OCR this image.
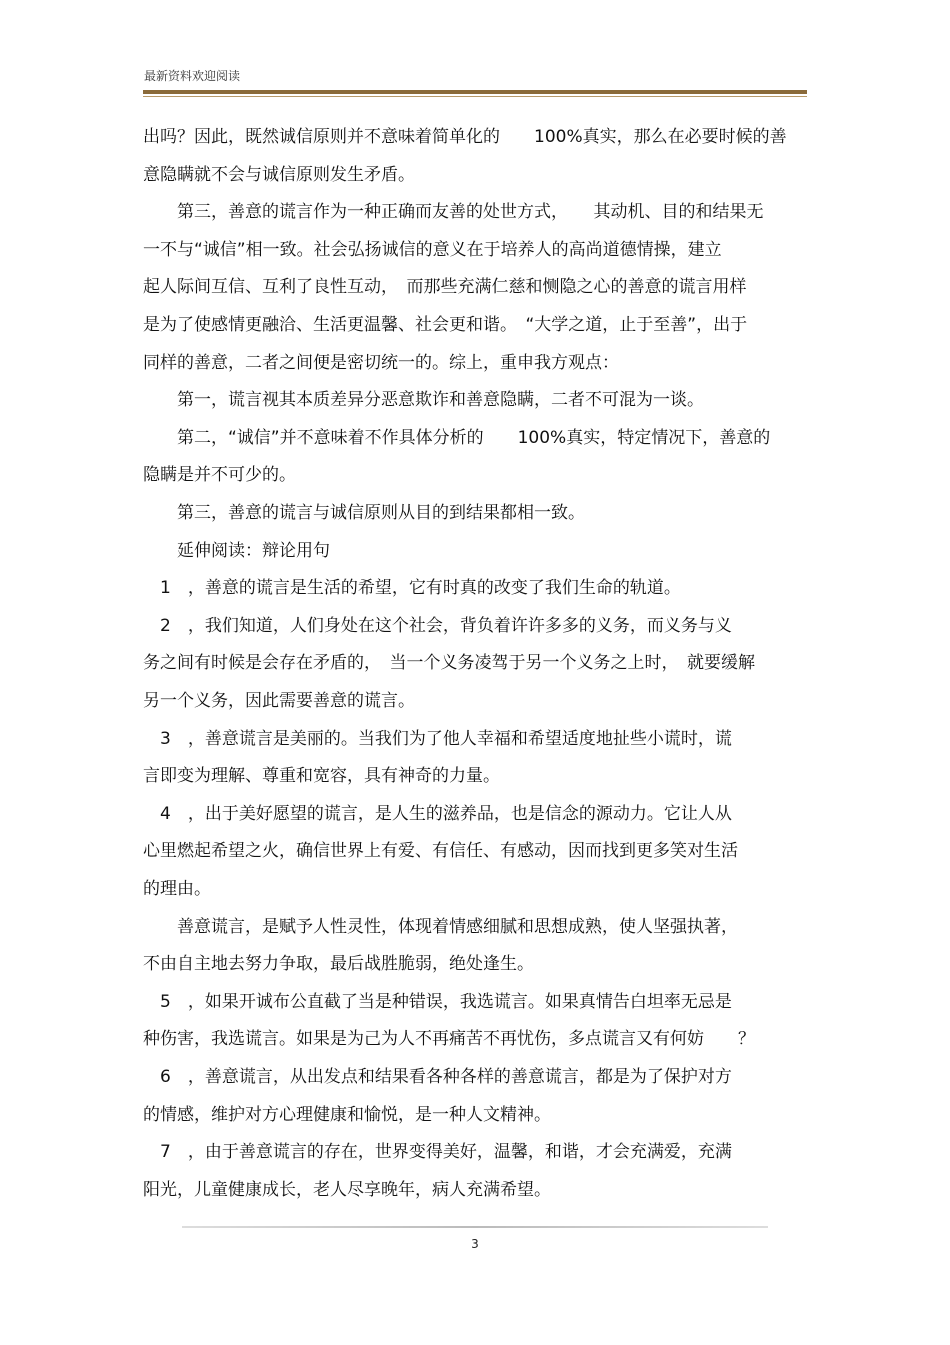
最新资料欢迎阅读
出吗？因此，既然诚信原则并不意味着简单化的　　100%真实，那么在必要时候的善
意隐瞒就不会与诚信原则发生矛盾。
　　第三，善意的谎言作为一种正确而友善的处世方式，　　其动机、目的和结果无
一不与“诚信”相一致。社会弘扬诚信的意义在于培养人的高尚道德情操，建立
起人际间互信、互利了良性互动，　而那些充满仁慈和恻隐之心的善意的谎言用样
是为了使感情更融洽、生活更温馨、社会更和谐。　“大学之道，止于至善”，出于
同样的善意，二者之间便是密切统一的。综上，重申我方观点：
　　第一，谎言视其本质差异分恶意欺诈和善意隐瞒，二者不可混为一谈。
　　第二，“诚信”并不意味着不作具体分析的　　100%真实，特定情况下，善意的
隐瞒是并不可少的。
　　第三，善意的谎言与诚信原则从目的到结果都相一致。
　　延伸阅读：辩论用句
　1　，善意的谎言是生活的希望，它有时真的改变了我们生命的轨道。
　2　，我们知道，人们身处在这个社会，背负着许许多多的义务，而义务与义
务之间有时候是会存在矛盾的，　当一个义务凌驾于另一个义务之上时，　就要缓解
另一个义务，因此需要善意的谎言。
　3　，善意谎言是美丽的。当我们为了他人幸福和希望适度地扯些小谎时，谎
言即变为理解、尊重和宽容，具有神奇的力量。
　4　，出于美好愿望的谎言，是人生的滋养品，也是信念的源动力。它让人从
心里燃起希望之火，确信世界上有爱、有信任、有感动，因而找到更多笑对生活
的理由。
　　善意谎言，是赋予人性灵性，体现着情感细腻和思想成熟，使人坚强执著，
不由自主地去努力争取，最后战胜脆弱，绝处逢生。
　5　，如果开诚布公直截了当是种错误，我选谎言。如果真情告白坦率无忌是
种伤害，我选谎言。如果是为己为人不再痛苦不再忧伤，多点谎言又有何妨　　？
　6　，善意谎言，从出发点和结果看各种各样的善意谎言，都是为了保护对方
的情感，维护对方心理健康和愉悦，是一种人文精神。
　7　，由于善意谎言的存在，世界变得美好，温馨，和谐，才会充满爱，充满
阳光，儿童健康成长，老人尽享晚年，病人充满希望。
3
